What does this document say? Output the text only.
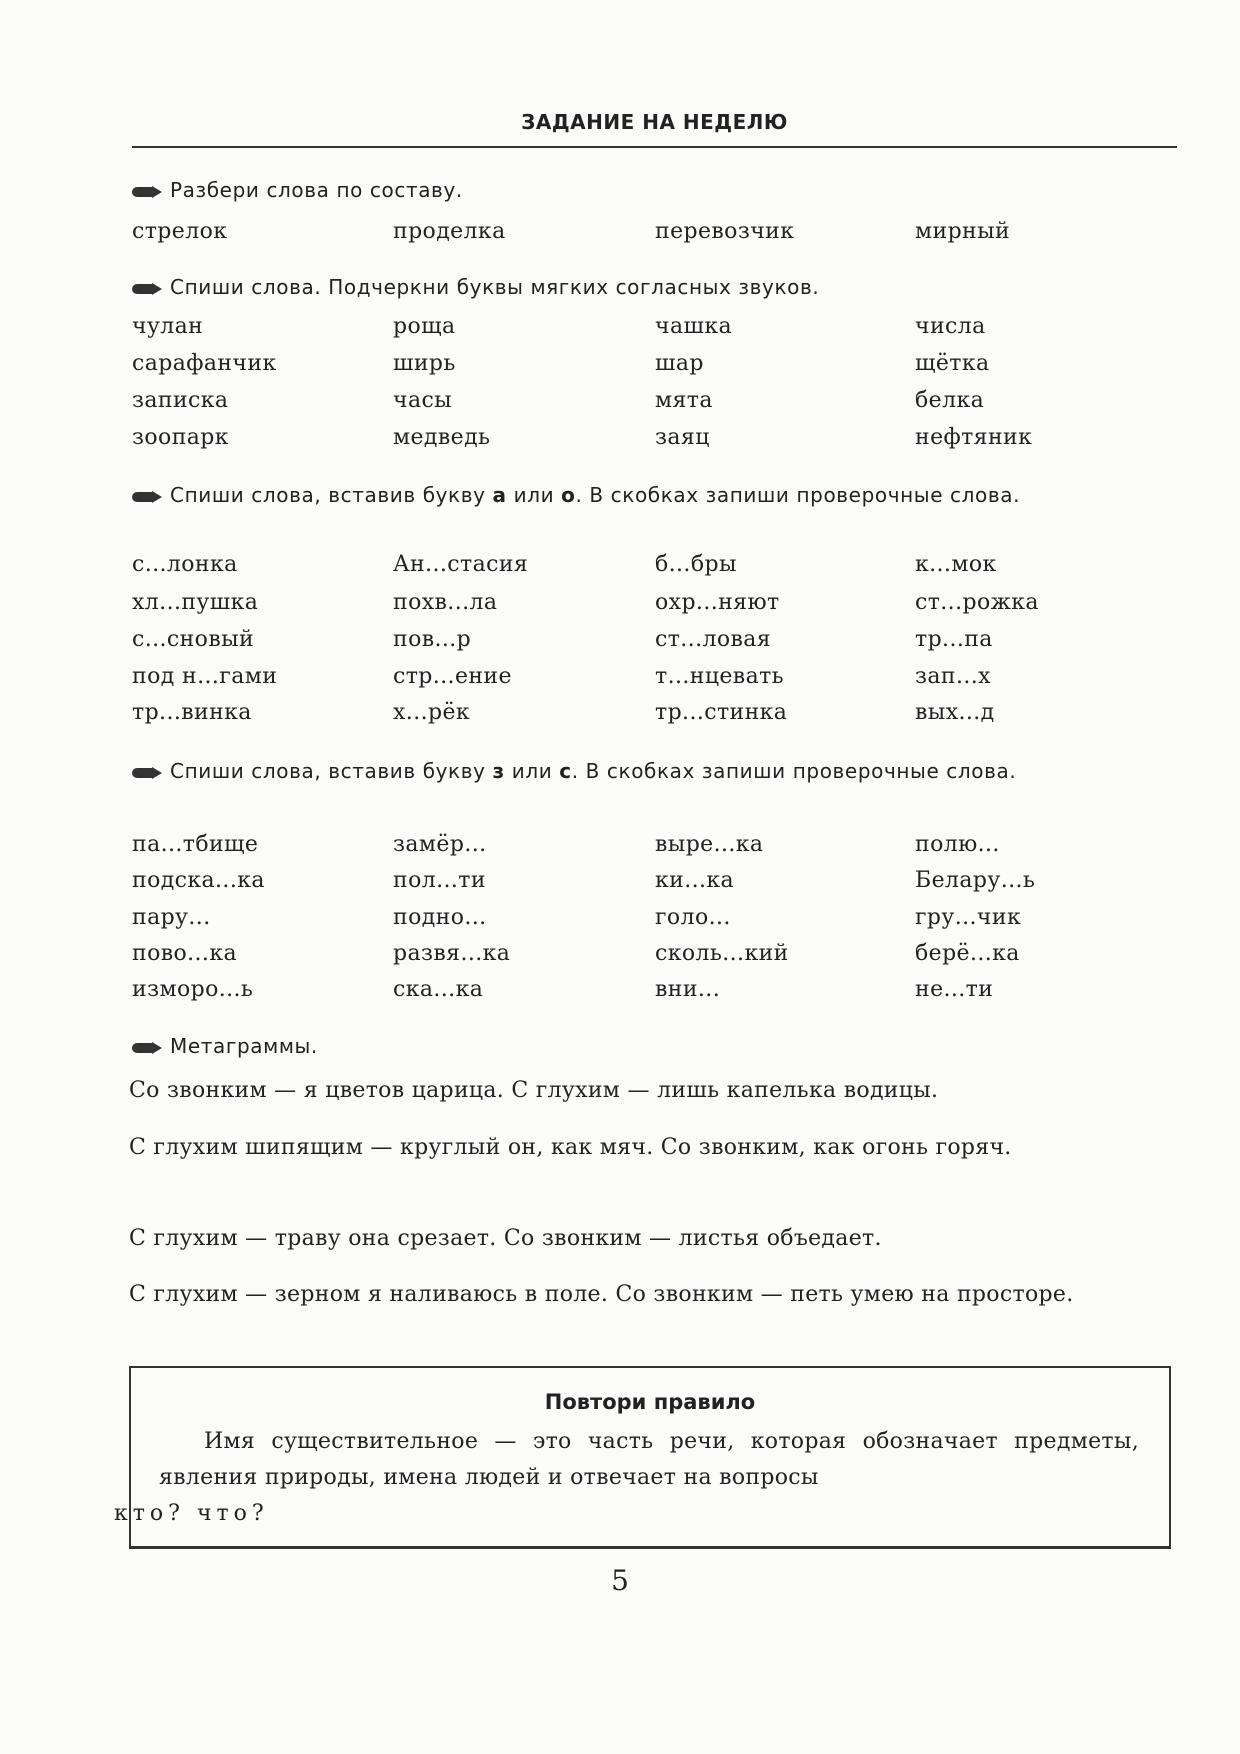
ЗАДАНИЕ НА НЕДЕЛЮ
Разбери слова по составу.
стрелок	проделка	перевозчик	мирный
Спиши слова. Подчеркни буквы мягких согласных звуков.
чулан	роща	чашка	числа
сарафанчик	ширь	шар	щётка
записка	часы	мята	белка
зоопарк	медведь	заяц	нефтяник
Спиши слова, вставив букву а или о. В скобках запиши проверочные слова.
с...лонка	Ан...стасия	б...бры	к...мок
хл...пушка	похв...ла	охр...няют	ст...рожка
с...сновый	пов...р	ст...ловая	тр...па
под н...гами	стр...ение	т...нцевать	зап...х
тр...винка	х...рёк	тр...стинка	вых...д
Спиши слова, вставив букву з или с. В скобках запиши проверочные слова.
па...тбище	замёр...	выре...ка	полю...
подска...ка	пол...ти	ки...ка	Белару...ь
пару...	подно...	голо...	гру...чик
пово...ка	развя...ка	сколь...кий	берё...ка
изморо...ь	ска...ка	вни...	не...ти
Метаграммы.
Со звонким — я цветов царица. С глухим — лишь капелька водицы.
С глухим шипящим — круглый он, как мяч. Со звонким, как огонь горяч.
С глухим — траву она срезает. Со звонким — листья объедает.
С глухим — зерном я наливаюсь в поле. Со звонким — петь умею на просторе.
Повтори правило
Имя существительное — это часть речи, которая обозначает предметы, явления природы, имена людей и отвечает на вопросы
кто? что?
5
